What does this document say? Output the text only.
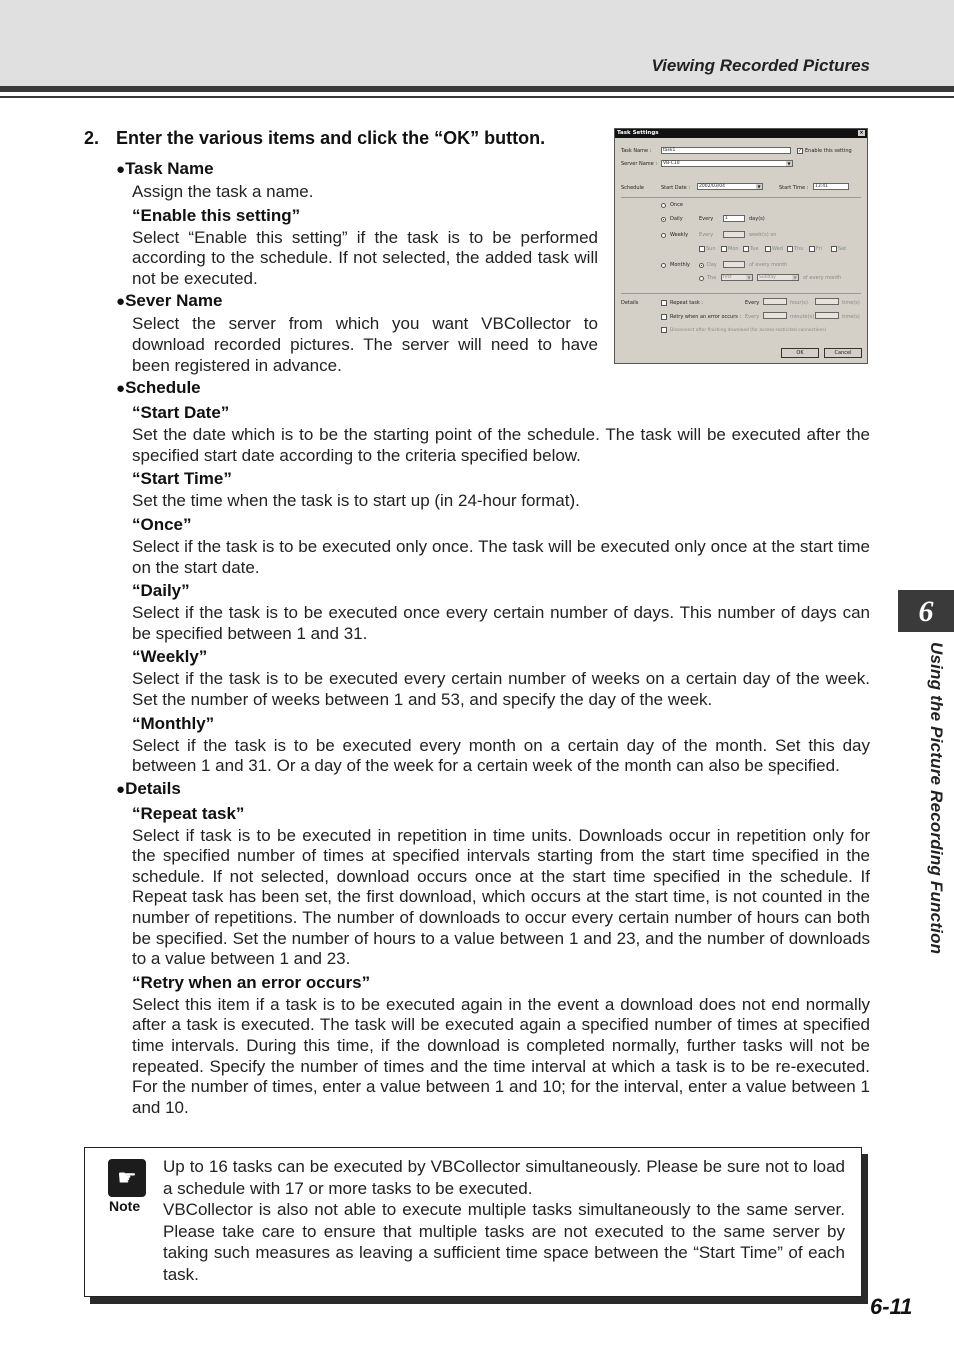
Viewing Recorded Pictures
2. Enter the various items and click the “OK” button.	Task Settings	×
Task Name :	task1	✓ Enable this setting
Server Name :	VB-C10	▼
Schedule	Start Date :	2002/03/04	▼	Start Time :	13:41
Once
Daily	Every	1	day(s)
Weekly Every	week(s) on
Sun Mon Tue	Wed Thu	Fri	Sat
Monthly	Day	of every month
The	first	▼	Sunday	▼ of every month
Details	Repeat task :	Every	hour(s)	time(s)
Retry when an error occurs : Every	minute(s)	time(s)
Disconnect after finishing download (for access-restricted connections)
OK	Cancel

●Task Name

Assign the task a name.

“Enable this setting”

Select “Enable this setting” if the task is to be performed according to the schedule. If not selected, the added task will not be executed.

●Sever Name

Select the server from which you want VBCollector to download recorded pictures. The server will need to have been registered in advance.

●Schedule

“Start Date”

Set the date which is to be the starting point of the schedule. The task will be executed after the specified start date according to the criteria specified below.

“Start Time”

Set the time when the task is to start up (in 24-hour format).

“Once”

Select if the task is to be executed only once. The task will be executed only once at the start time on the start date.

“Daily”

Select if the task is to be executed once every certain number of days. This number of days can be specified between 1 and 31.

“Weekly”

Select if the task is to be executed every certain number of weeks on a certain day of the week. Set the number of weeks between 1 and 53, and specify the day of the week.

“Monthly”

Select if the task is to be executed every month on a certain day of the month. Set this day between 1 and 31. Or a day of the week for a certain week of the month can also be specified.

●Details

“Repeat task”

Select if task is to be executed in repetition in time units. Downloads occur in repetition only for the specified number of times at specified intervals starting from the start time specified in the schedule. If not selected, download occurs once at the start time specified in the schedule. If Repeat task has been set, the first download, which occurs at the start time, is not counted in the number of repetitions. The number of downloads to occur every certain number of hours can both be specified. Set the number of hours to a value between 1 and 23, and the number of downloads to a value between 1 and 23.

“Retry when an error occurs”

Select this item if a task is to be executed again in the event a download does not end normally after a task is executed. The task will be executed again a specified number of times at specified time intervals. During this time, if the download is completed normally, further tasks will not be repeated. Specify the number of times and the time interval at which a task is to be re-executed. For the number of times, enter a value between 1 and 10; for the interval, enter a value between 1 and 10.

6
Using the Picture Recording Function
☛
Note

Up to 16 tasks can be executed by VBCollector simultaneously. Please be sure not to load a schedule with 17 or more tasks to be executed.

VBCollector is also not able to execute multiple tasks simultaneously to the same server. Please take care to ensure that multiple tasks are not executed to the same server by taking such measures as leaving a sufficient time space between the “Start Time” of each task.

6-11
